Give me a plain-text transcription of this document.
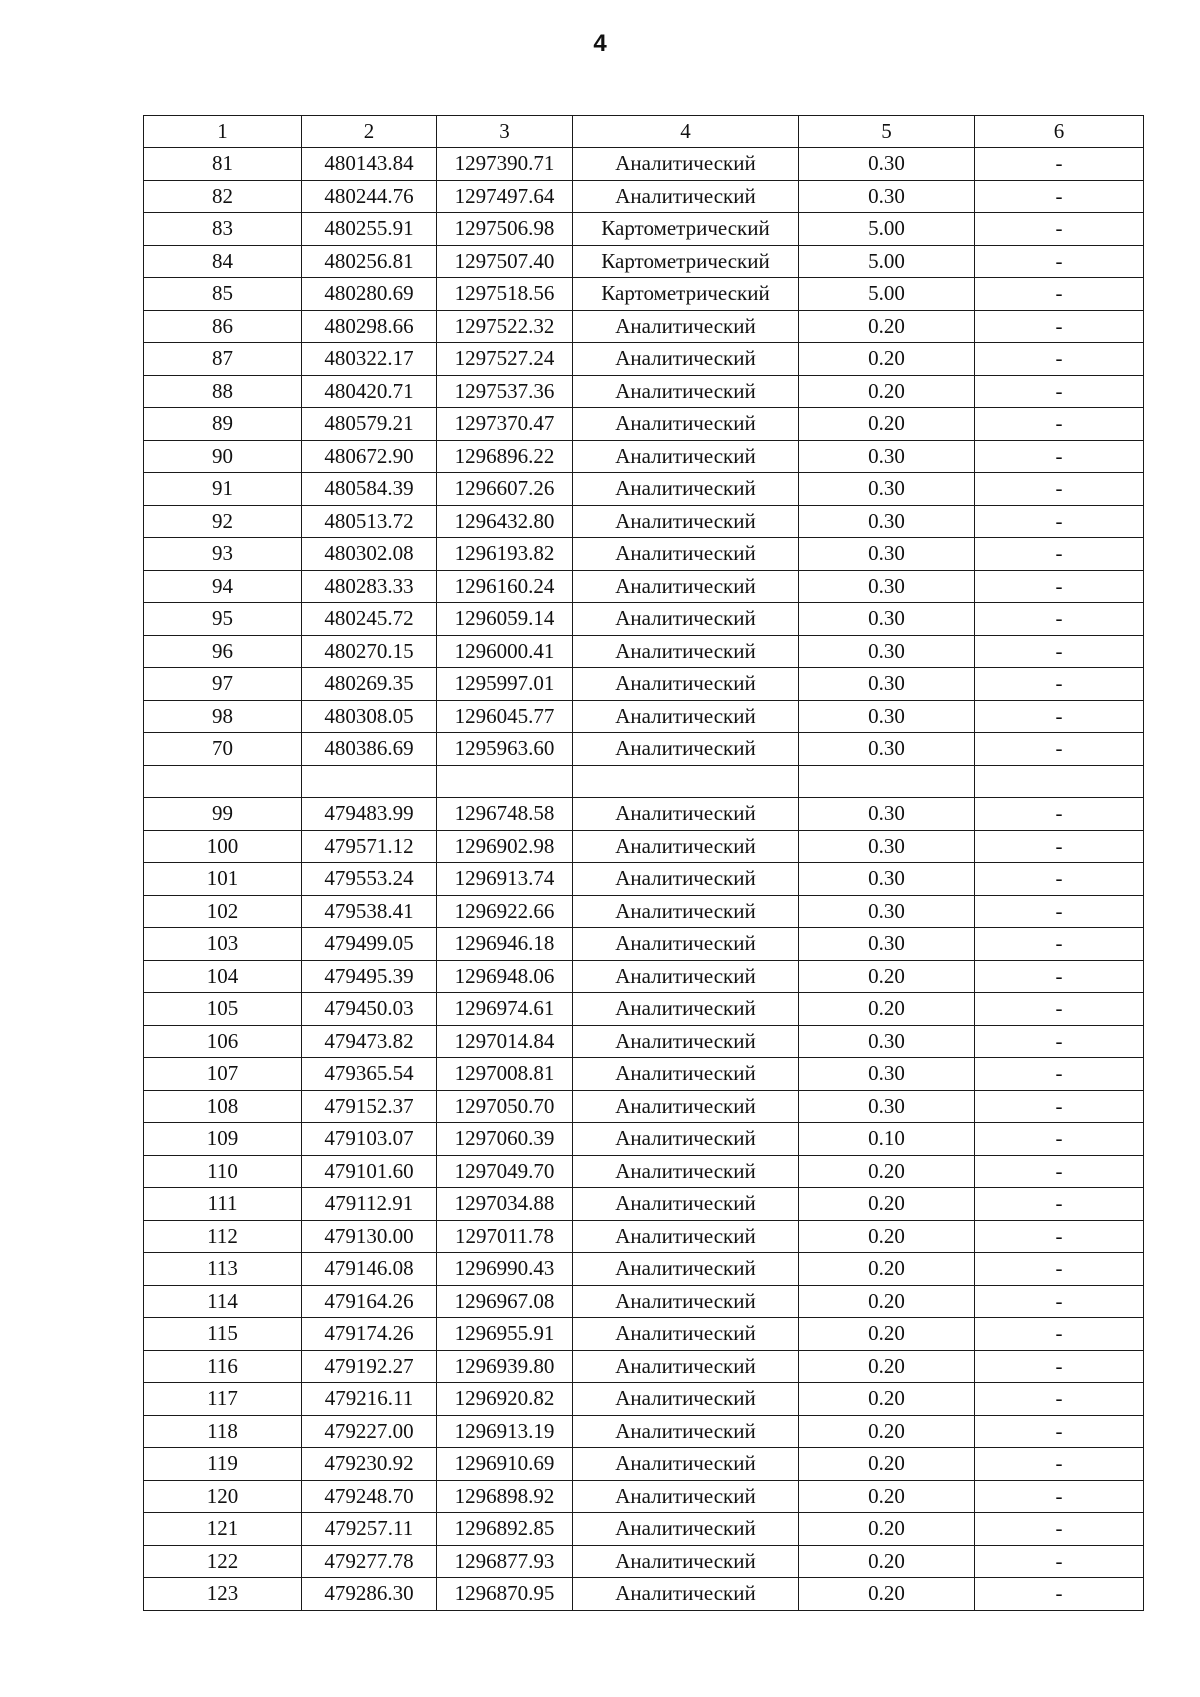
4
1	2	3	4	5	6
81	480143.84	1297390.71	Аналитический	0.30	-
82	480244.76	1297497.64	Аналитический	0.30	-
83	480255.91	1297506.98	Картометрический	5.00	-
84	480256.81	1297507.40	Картометрический	5.00	-
85	480280.69	1297518.56	Картометрический	5.00	-
86	480298.66	1297522.32	Аналитический	0.20	-
87	480322.17	1297527.24	Аналитический	0.20	-
88	480420.71	1297537.36	Аналитический	0.20	-
89	480579.21	1297370.47	Аналитический	0.20	-
90	480672.90	1296896.22	Аналитический	0.30	-
91	480584.39	1296607.26	Аналитический	0.30	-
92	480513.72	1296432.80	Аналитический	0.30	-
93	480302.08	1296193.82	Аналитический	0.30	-
94	480283.33	1296160.24	Аналитический	0.30	-
95	480245.72	1296059.14	Аналитический	0.30	-
96	480270.15	1296000.41	Аналитический	0.30	-
97	480269.35	1295997.01	Аналитический	0.30	-
98	480308.05	1296045.77	Аналитический	0.30	-
70	480386.69	1295963.60	Аналитический	0.30	-

99	479483.99	1296748.58	Аналитический	0.30	-
100	479571.12	1296902.98	Аналитический	0.30	-
101	479553.24	1296913.74	Аналитический	0.30	-
102	479538.41	1296922.66	Аналитический	0.30	-
103	479499.05	1296946.18	Аналитический	0.30	-
104	479495.39	1296948.06	Аналитический	0.20	-
105	479450.03	1296974.61	Аналитический	0.20	-
106	479473.82	1297014.84	Аналитический	0.30	-
107	479365.54	1297008.81	Аналитический	0.30	-
108	479152.37	1297050.70	Аналитический	0.30	-
109	479103.07	1297060.39	Аналитический	0.10	-
110	479101.60	1297049.70	Аналитический	0.20	-
111	479112.91	1297034.88	Аналитический	0.20	-
112	479130.00	1297011.78	Аналитический	0.20	-
113	479146.08	1296990.43	Аналитический	0.20	-
114	479164.26	1296967.08	Аналитический	0.20	-
115	479174.26	1296955.91	Аналитический	0.20	-
116	479192.27	1296939.80	Аналитический	0.20	-
117	479216.11	1296920.82	Аналитический	0.20	-
118	479227.00	1296913.19	Аналитический	0.20	-
119	479230.92	1296910.69	Аналитический	0.20	-
120	479248.70	1296898.92	Аналитический	0.20	-
121	479257.11	1296892.85	Аналитический	0.20	-
122	479277.78	1296877.93	Аналитический	0.20	-
123	479286.30	1296870.95	Аналитический	0.20	-
